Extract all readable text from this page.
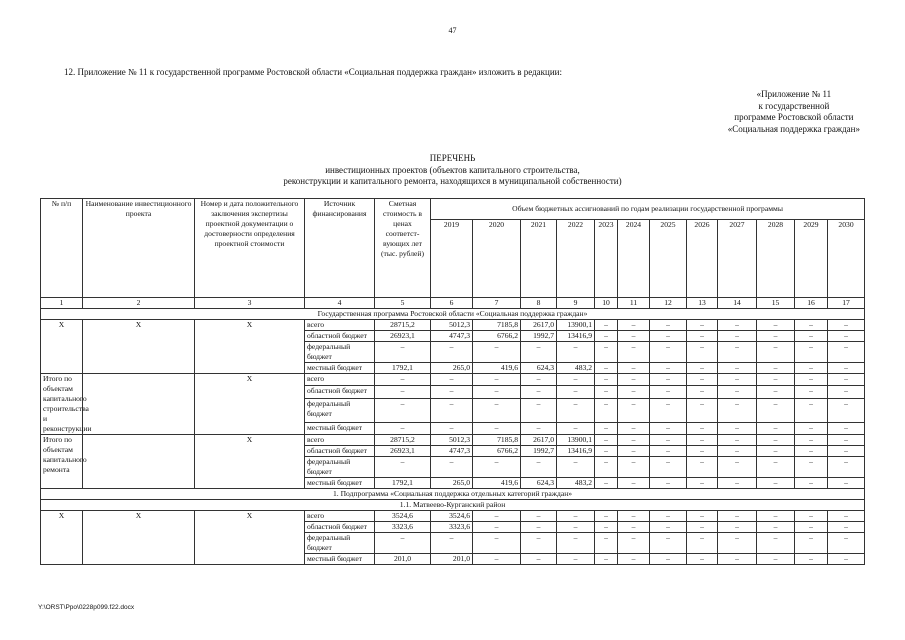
47
12. Приложение № 11 к государственной программе Ростовской области «Социальная поддержка граждан» изложить в редакции:
«Приложение № 11
к государственной
программе Ростовской области
«Социальная поддержка граждан»
ПЕРЕЧЕНЬ
инвестиционных проектов (объектов капитального строительства,
реконструкции и капитального ремонта, находящихся в муниципальной собственности)
№ п/п	Наименование инвестиционного проекта	Номер и дата положительного заключения экспертизы проектной документации о достоверности определения проектной стоимости	Источник финансирования	Сметная стоимость в ценах соответст-вующих лет (тыс. рублей)	Объем бюджетных ассигнований по годам реализации государственной программы											
					2019	2020	2021	2022	2023	2024	2025	2026	2027	2028	2029	2030
1	2	3	4	5	6	7	8	9	10	11	12	13	14	15	16	17
Государственная программа Ростовской области «Социальная поддержка граждан»																
Х	Х	Х	всего	28715,2	5012,3	7185,8	2617,0	13900,1	–	–	–	–	–	–	–	–
			областной бюджет	26923,1	4747,3	6766,2	1992,7	13416,9	–	–	–	–	–	–	–	–
			федеральный бюджет	–	–	–	–	–	–	–	–	–	–	–	–	–
			местный бюджет	1792,1	265,0	419,6	624,3	483,2	–	–	–	–	–	–	–	–
Итого по объектам капитального строительства и реконструкции		Х	всего	–	–	–	–	–	–	–	–	–	–	–	–	–
			областной бюджет	–	–	–	–	–	–	–	–	–	–	–	–	–
			федеральный бюджет	–	–	–	–	–	–	–	–	–	–	–	–	–
			местный бюджет	–	–	–	–	–	–	–	–	–	–	–	–	–
Итого по объектам капитального ремонта		Х	всего	28715,2	5012,3	7185,8	2617,0	13900,1	–	–	–	–	–	–	–	–
			областной бюджет	26923,1	4747,3	6766,2	1992,7	13416,9	–	–	–	–	–	–	–	–
			федеральный бюджет	–	–	–	–	–	–	–	–	–	–	–	–	–
			местный бюджет	1792,1	265,0	419,6	624,3	483,2	–	–	–	–	–	–	–	–
1. Подпрограмма «Социальная поддержка отдельных категорий граждан»																
1.1. Матвеево-Курганский район																
Х	Х	Х	всего	3524,6	3524,6	–	–	–	–	–	–	–	–	–	–	–
			областной бюджет	3323,6	3323,6	–	–	–	–	–	–	–	–	–	–	–
			федеральный бюджет	–	–	–	–	–	–	–	–	–	–	–	–	–
			местный бюджет	201,0	201,0	–	–	–	–	–	–	–	–	–	–	–
Y:\ORST\Ppo\0228p099.f22.docx
